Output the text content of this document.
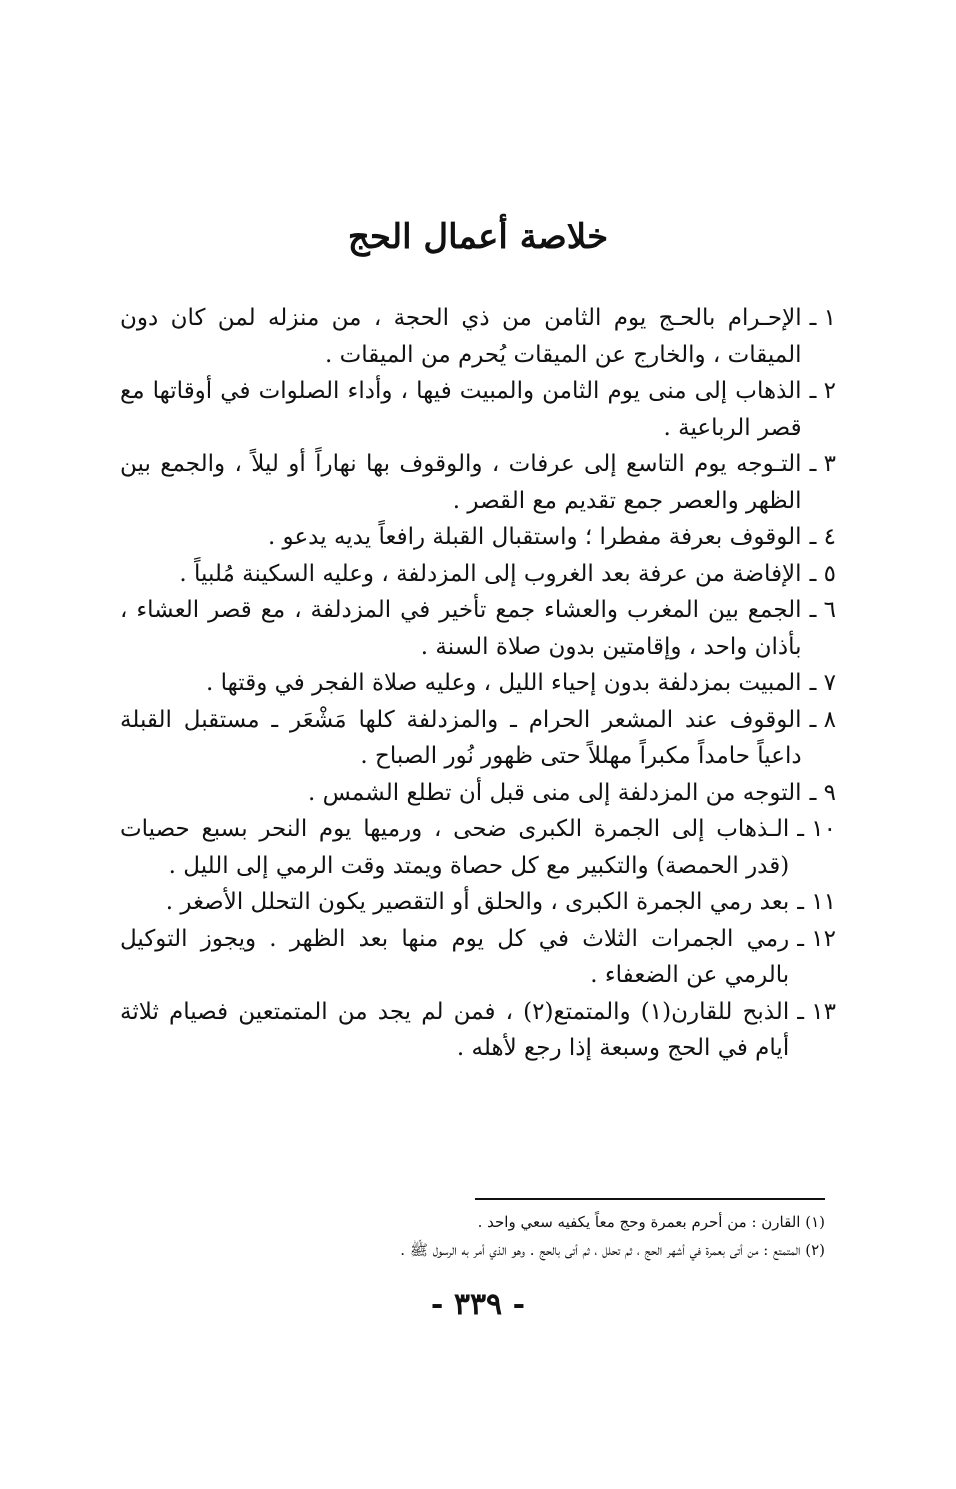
خلاصة أعمال الحج
١ ـ
الإحـرام بالحـج يوم الثامن من ذي الحجة ، من منزله لمن كان دون الميقات ، والخارج عن الميقات يُحرم من الميقات .
٢ ـ
الذهاب إلى منى يوم الثامن والمبيت فيها ، وأداء الصلوات في أوقاتها مع قصر الرباعية .
٣ ـ
التـوجه يوم التاسع إلى عرفات ، والوقوف بها نهاراً أو ليلاً ، والجمع بين الظهر والعصر جمع تقديم مع القصر .
٤ ـ
الوقوف بعرفة مفطرا ؛ واستقبال القبلة رافعاً يديه يدعو .
٥ ـ
الإفاضة من عرفة بعد الغروب إلى المزدلفة ، وعليه السكينة مُلبياً .
٦ ـ
الجمع بين المغرب والعشاء جمع تأخير في المزدلفة ، مع قصر العشاء ، بأذان واحد ، وإقامتين بدون صلاة السنة .
٧ ـ
المبيت بمزدلفة بدون إحياء الليل ، وعليه صلاة الفجر في وقتها .
٨ ـ
الوقوف عند المشعر الحرام ـ والمزدلفة كلها مَشْعَر ـ مستقبل القبلة داعياً حامداً مكبراً مهللاً حتى ظهور نُور الصباح .
٩ ـ
التوجه من المزدلفة إلى منى قبل أن تطلع الشمس .
١٠ ـ
الـذهاب إلى الجمرة الكبرى ضحى ، ورميها يوم النحر بسبع حصيات (قدر الحمصة) والتكبير مع كل حصاة ويمتد وقت الرمي إلى الليل .
١١ ـ
بعد رمي الجمرة الكبرى ، والحلق أو التقصير يكون التحلل الأصغر .
١٢ ـ
رمي الجمرات الثلاث في كل يوم منها بعد الظهر . ويجوز التوكيل بالرمي عن الضعفاء .
١٣ ـ
الذبح للقارن(١) والمتمتع(٢) ، فمن لم يجد من المتمتعين فصيام ثلاثة أيام في الحج وسبعة إذا رجع لأهله .
(١) القارن : من أحرم بعمرة وحج معاً يكفيه سعي واحد .
(٢) المتمتع : من أتى بعمرة في أشهر الحج ، ثم تحلل ، ثم أتى بالحج . وهو الذي أمر به الرسول ﷺ .
- ٣٣٩ -
